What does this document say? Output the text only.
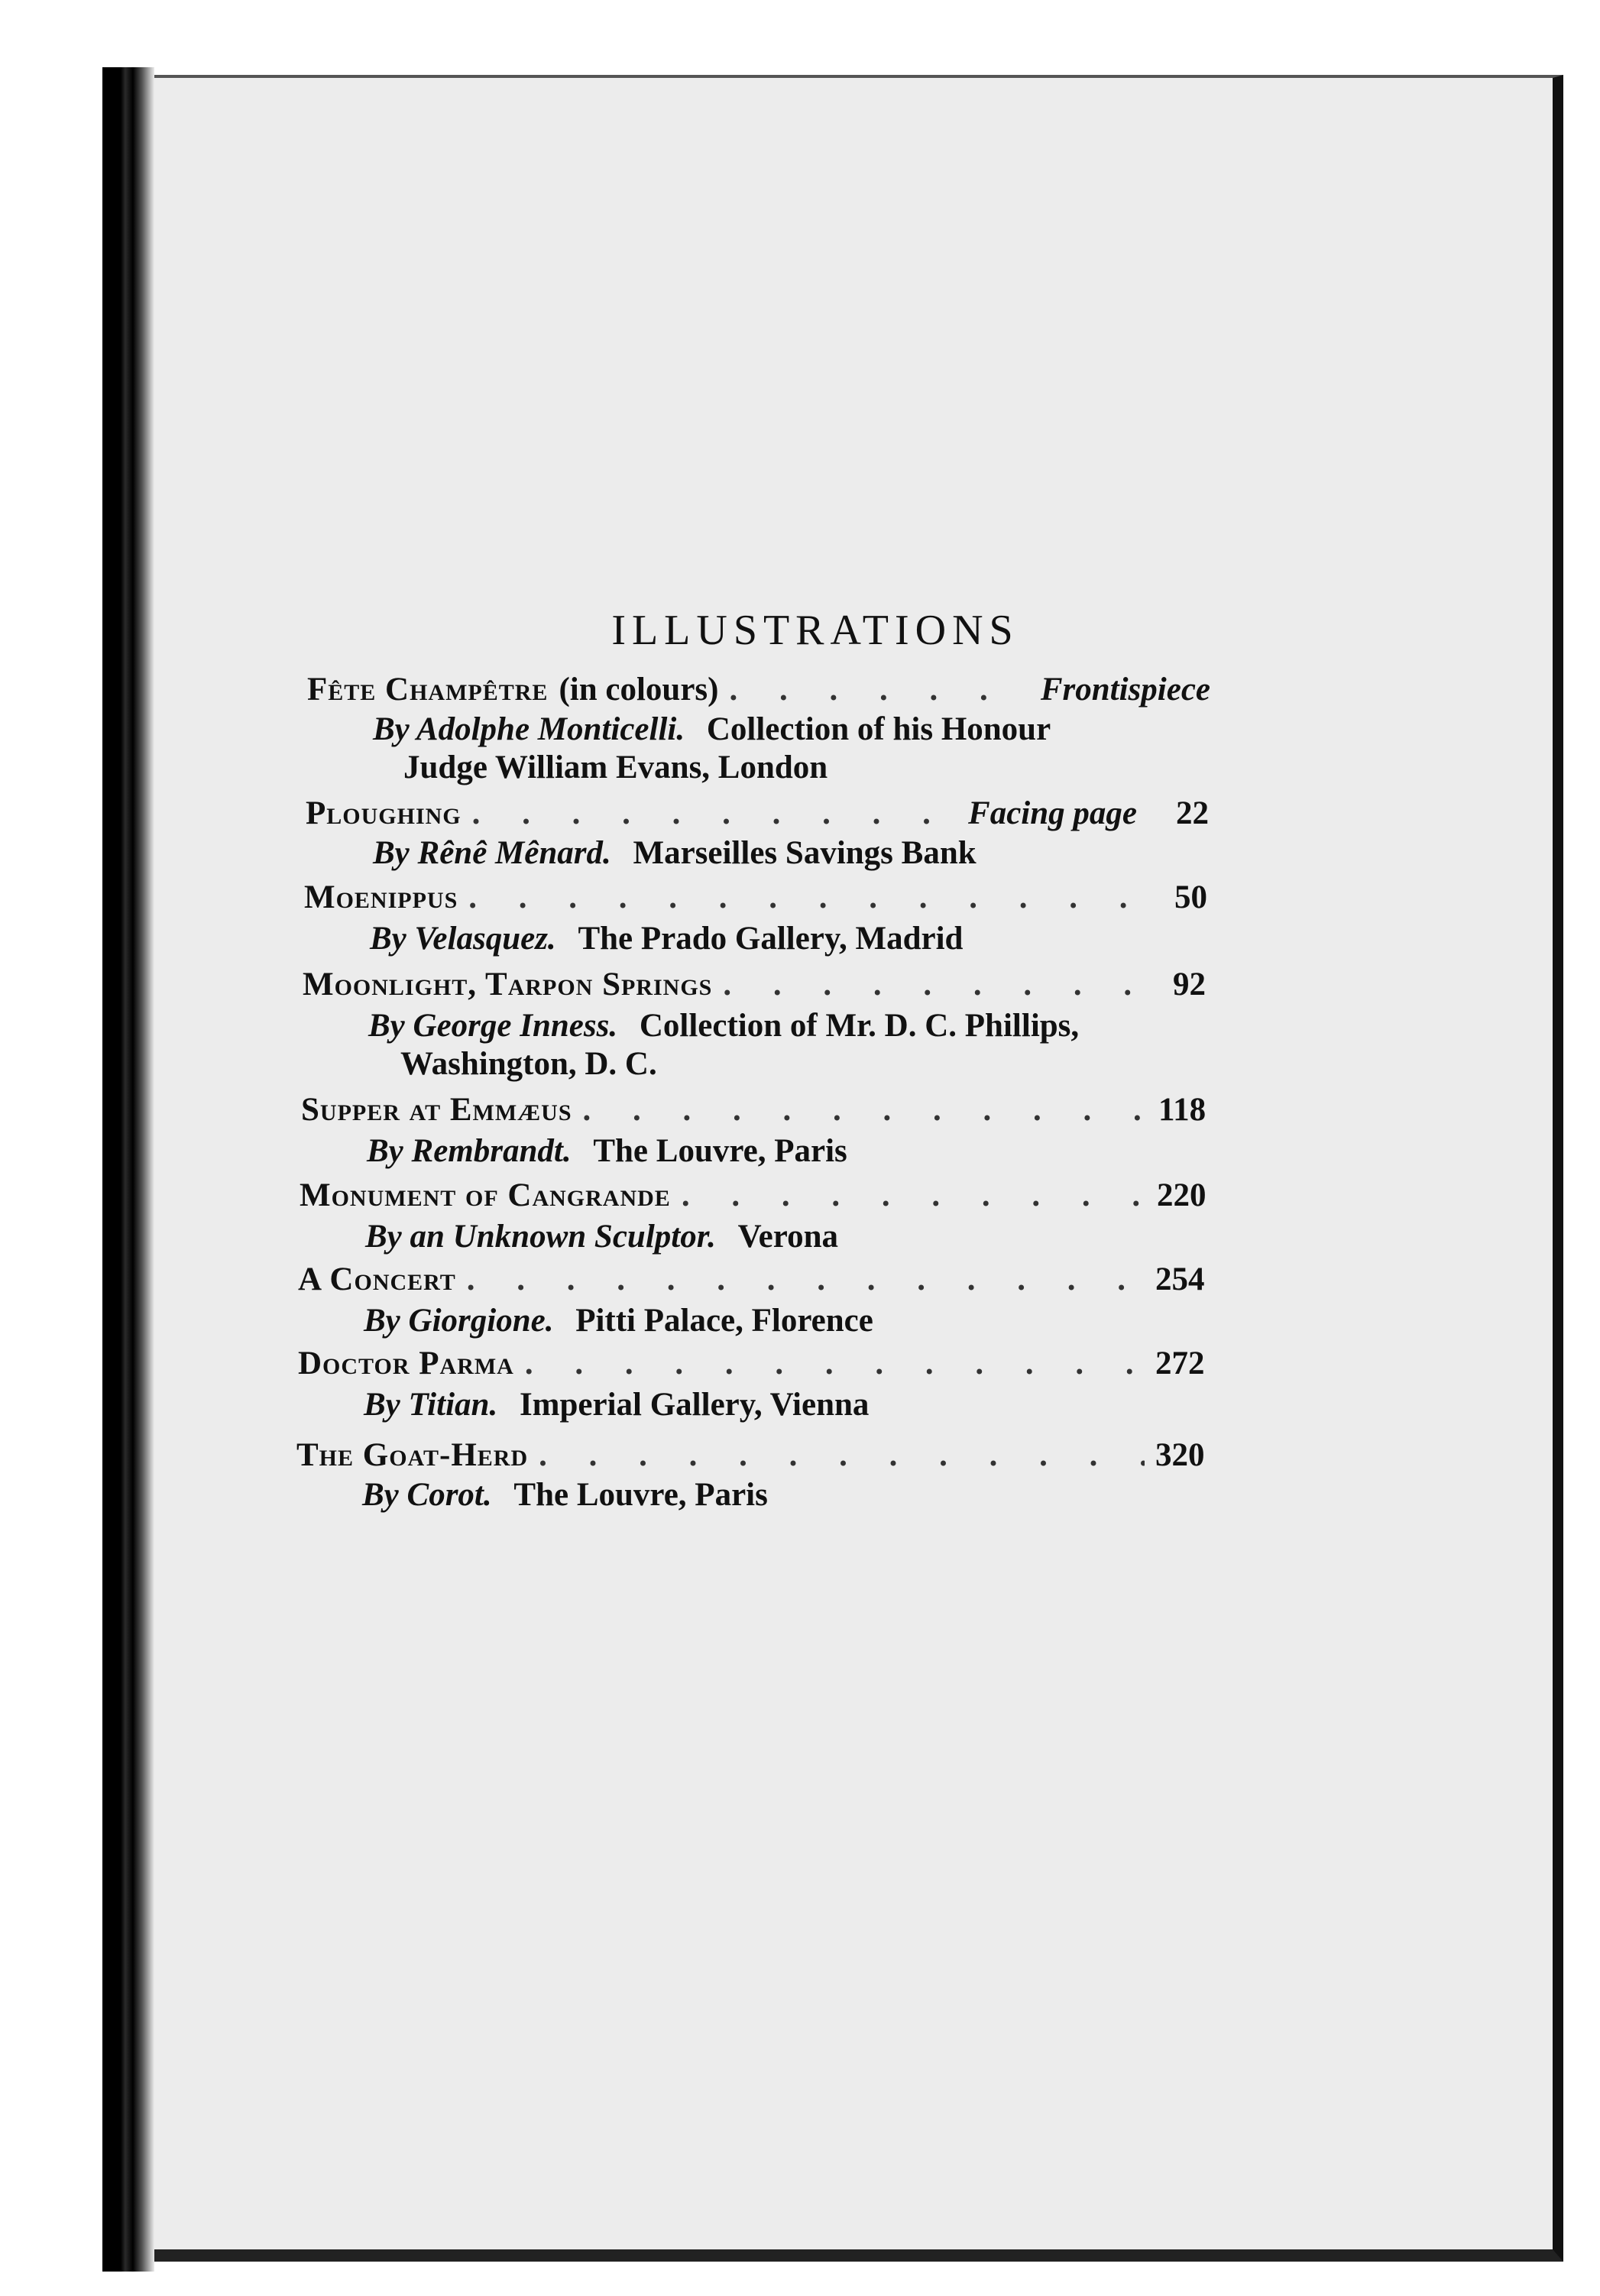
ILLUSTRATIONS
Fête Champêtre (in colours) . . .	Frontispiece
By Adolphe Monticelli. Collection of his Honour
Judge William Evans, London
Ploughing . . .	Facing page	22
By Rênê Mênard. Marseilles Savings Bank
Moenippus . . .	50
By Velasquez. The Prado Gallery, Madrid
Moonlight, Tarpon Springs . . .	92
By George Inness. Collection of Mr. D. C. Phillips,
Washington, D. C.
Supper at Emmæus . . .	118
By Rembrandt. The Louvre, Paris
Monument of Cangrande . . .	220
By an Unknown Sculptor. Verona
A Concert . . .	254
By Giorgione. Pitti Palace, Florence
Doctor Parma . . .	272
By Titian. Imperial Gallery, Vienna
The Goat-Herd . . .	320
By Corot. The Louvre, Paris
